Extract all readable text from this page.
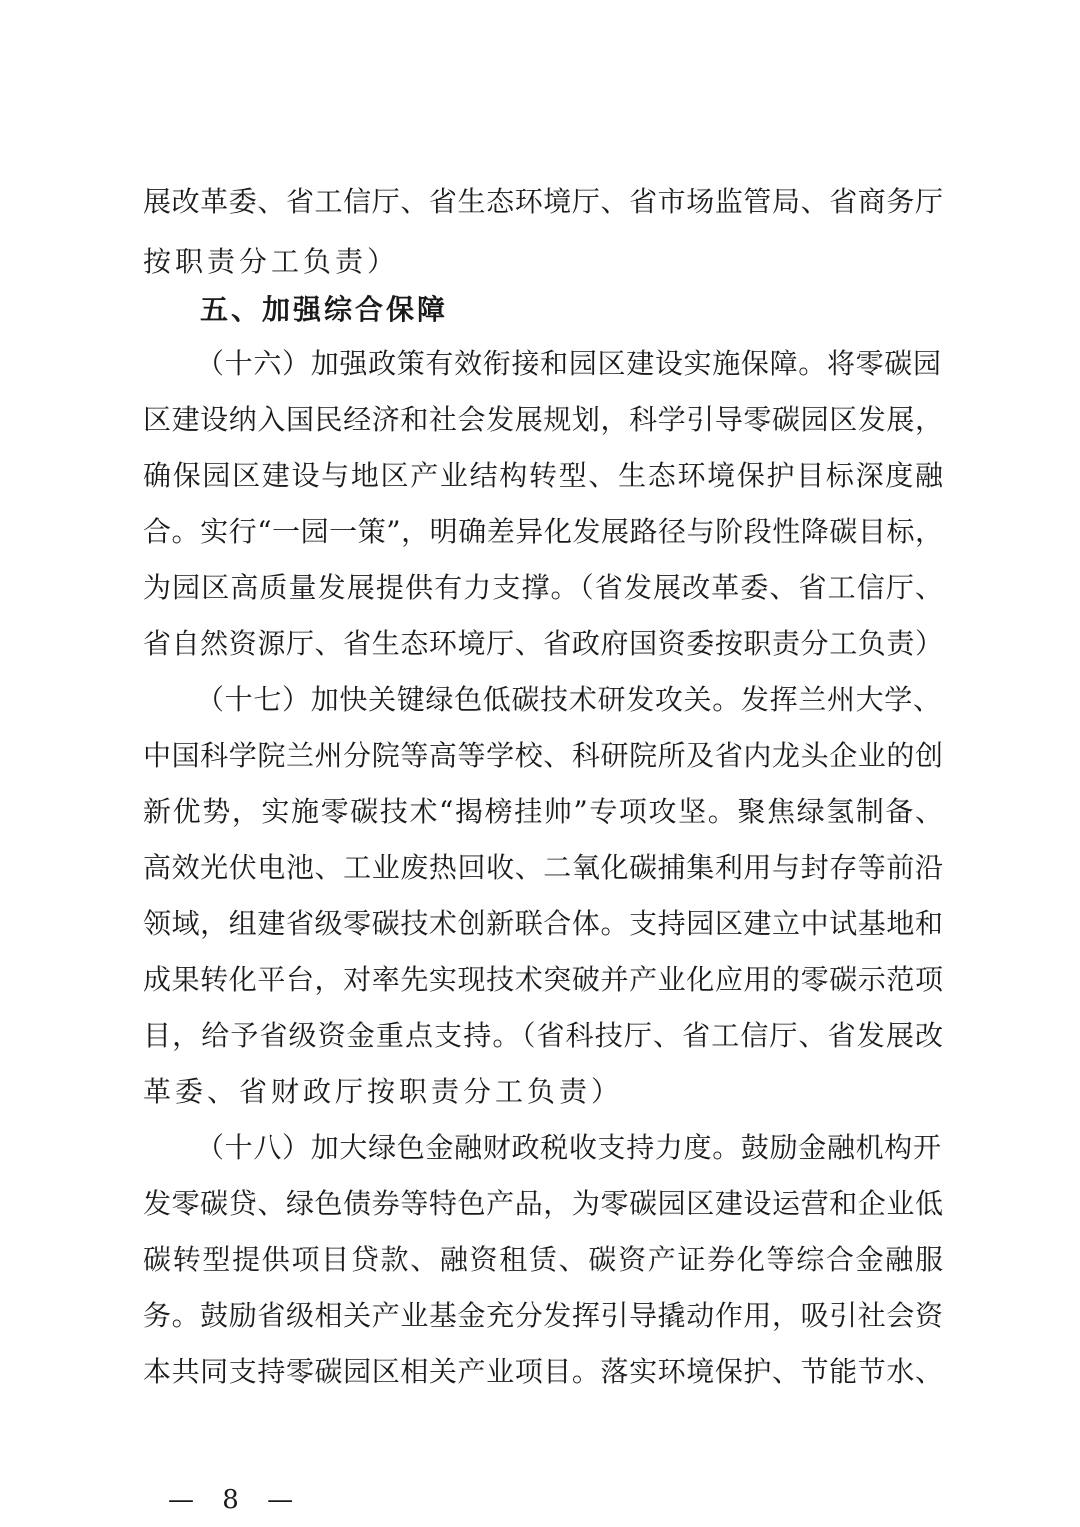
展改革委、省工信厅、省生态环境厅、省市场监管局、省商务厅
按职责分工负责）
五、加强综合保障
（十六）加强政策有效衔接和园区建设实施保障。将零碳园
区建设纳入国民经济和社会发展规划，科学引导零碳园区发展，
确保园区建设与地区产业结构转型、生态环境保护目标深度融
合。实行“一园一策”，明确差异化发展路径与阶段性降碳目标，
为园区高质量发展提供有力支撑。（省发展改革委、省工信厅、
省自然资源厅、省生态环境厅、省政府国资委按职责分工负责）
（十七）加快关键绿色低碳技术研发攻关。发挥兰州大学、
中国科学院兰州分院等高等学校、科研院所及省内龙头企业的创
新优势，实施零碳技术“揭榜挂帅”专项攻坚。聚焦绿氢制备、
高效光伏电池、工业废热回收、二氧化碳捕集利用与封存等前沿
领域，组建省级零碳技术创新联合体。支持园区建立中试基地和
成果转化平台，对率先实现技术突破并产业化应用的零碳示范项
目，给予省级资金重点支持。（省科技厅、省工信厅、省发展改
革委、省财政厅按职责分工负责）
（十八）加大绿色金融财政税收支持力度。鼓励金融机构开
发零碳贷、绿色债券等特色产品，为零碳园区建设运营和企业低
碳转型提供项目贷款、融资租赁、碳资产证券化等综合金融服
务。鼓励省级相关产业基金充分发挥引导撬动作用，吸引社会资
本共同支持零碳园区相关产业项目。落实环境保护、节能节水、
— 8 —
